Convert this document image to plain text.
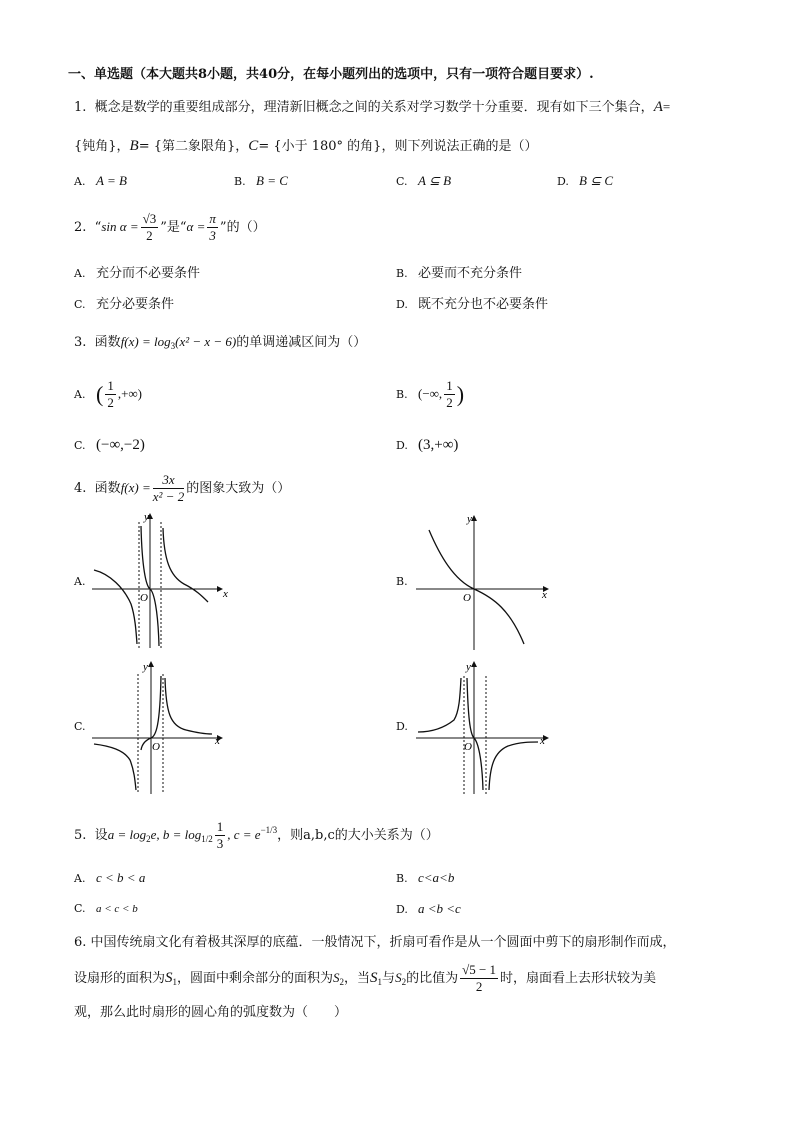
一、单选题（本大题共8小题，共40分，在每小题列出的选项中，只有一项符合题目要求）.
1. 概念是数学的重要组成部分，理清新旧概念之间的关系对学习数学十分重要．现有如下三个集合，A=
{钝角}，B= {第二象限角}，C= {小于 180° 的角}，则下列说法正确的是（）
A. A = B	B. B = C	C. A ⊆ B	D. B ⊆ C
2. “sin $\alpha = \frac{√3}{2}$ ”是“$\alpha = \frac{\pi}{3}$ ”的（）
A. 充分而不必要条件	B. 必要而不充分条件
C. 充分必要条件	D. 既不充分也不必要条件
3. 函数$f(x) = \log_3(x^2 - x - 6)$的单调递减区间为（）
A. ( $\frac{1}{2}$ ,+∞)	B. (−∞, $\frac{1}{2}$ )
C. (−∞,−2)	D. (3,+∞)
4. 函数$f(x) = \frac{3x}{\text{x² − 2}}$ 的图象大致为（）
A.	B.
C.	D.
x
y
O	x
y
O
x
y
O	x
y
O
5. 设$a = \log_2e$, $b = \log_{1/2} \frac{1}{3}$ , $c = e^{-1/3}$，则a,b,c的大小关系为（）
A. c < b < a	B. c<a<b
C. a < c < b	D. a <b <c
6. 中国传统扇文化有着极其深厚的底蕴．一般情况下，折扇可看作是从一个圆面中剪下的扇形制作而成，
设扇形的面积为$S_1$，圆面中剩余部分的面积为$S_2$，当$S_1$与$S_2$的比值为 $\frac{√5 - 1}{2}$ 时，扇面看上去形状较为美
观，那么此时扇形的圆心角的弧度数为（　　）
